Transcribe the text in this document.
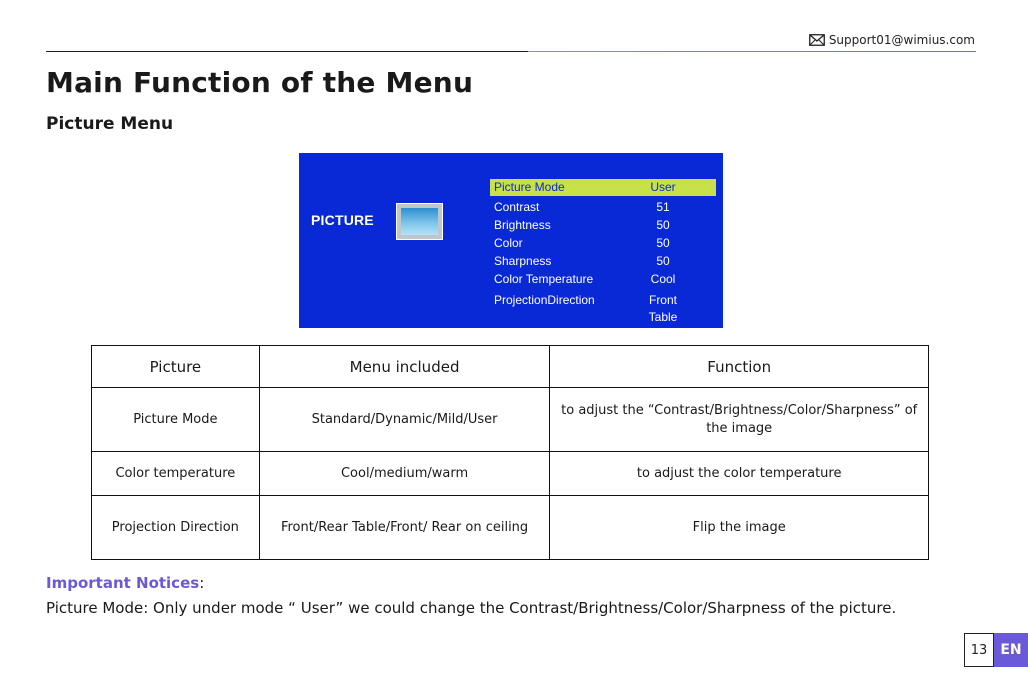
Support01@wimius.com
Main Function of the Menu
Picture Menu
PICTURE
Picture Mode	User
Contrast	51
Brightness	50
Color	50
Sharpness	50
Color Temperature	Cool
ProjectionDirection	Front Table
Picture	Menu included	Function
Picture Mode	Standard/Dynamic/Mild/User	to adjust the “Contrast/Brightness/Color/Sharpness” of the image
Color temperature	Cool/medium/warm	to adjust the color temperature
Projection Direction	Front/Rear Table/Front/ Rear on ceiling	Flip the image
Important Notices:
Picture Mode: Only under mode “ User” we could change the Contrast/Brightness/Color/Sharpness of the picture.
13 EN
